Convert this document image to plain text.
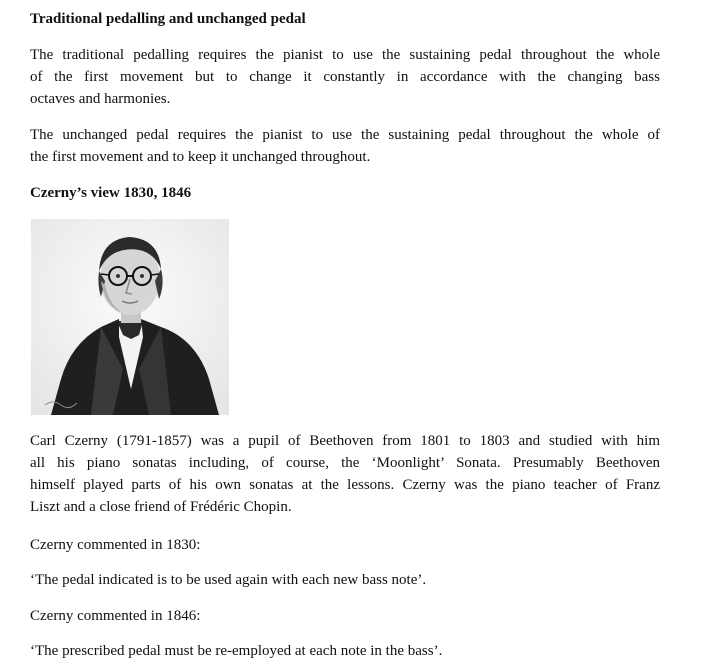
Traditional pedalling and unchanged pedal

The traditional pedalling requires the pianist to use the sustaining pedal throughout the whole
of the first movement but to change it constantly in accordance with the changing bass
octaves and harmonies.

The unchanged pedal requires the pianist to use the sustaining pedal throughout the whole of
the first movement and to keep it unchanged throughout.

Czerny’s view 1830, 1846

Carl Czerny (1791-1857) was a pupil of Beethoven from 1801 to 1803 and studied with him
all his piano sonatas including, of course, the ‘Moonlight’ Sonata. Presumably Beethoven
himself played parts of his own sonatas at the lessons. Czerny was the piano teacher of Franz
Liszt and a close friend of Frédéric Chopin.

Czerny commented in 1830:

‘The pedal indicated is to be used again with each new bass note’.

Czerny commented in 1846:

‘The prescribed pedal must be re-employed at each note in the bass’.
